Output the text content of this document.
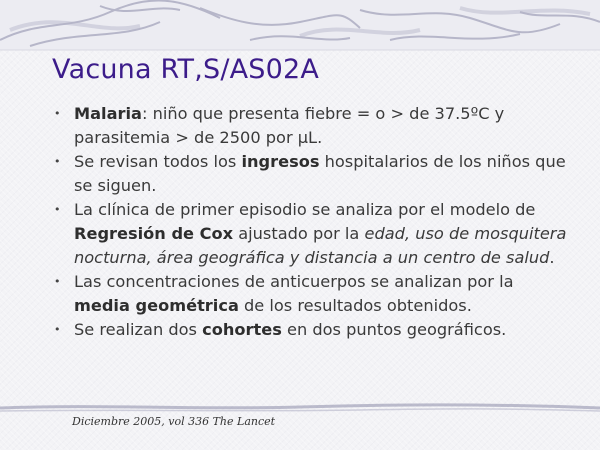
Vacuna RT,S/AS02A
• Malaria: niño que presenta fiebre = o > de 37.5ºC y parasitemia > de 2500 por µL.
• Se revisan todos los ingresos hospitalarios de los niños que se siguen.
• La clínica de primer episodio se analiza por el modelo de Regresión de Cox ajustado por la edad, uso de mosquitera nocturna, área geográfica y distancia a un centro de salud.
• Las concentraciones de anticuerpos se analizan por la media geométrica de los resultados obtenidos.
• Se realizan dos cohortes en dos puntos geográficos.
Diciembre 2005, vol 336 The Lancet
